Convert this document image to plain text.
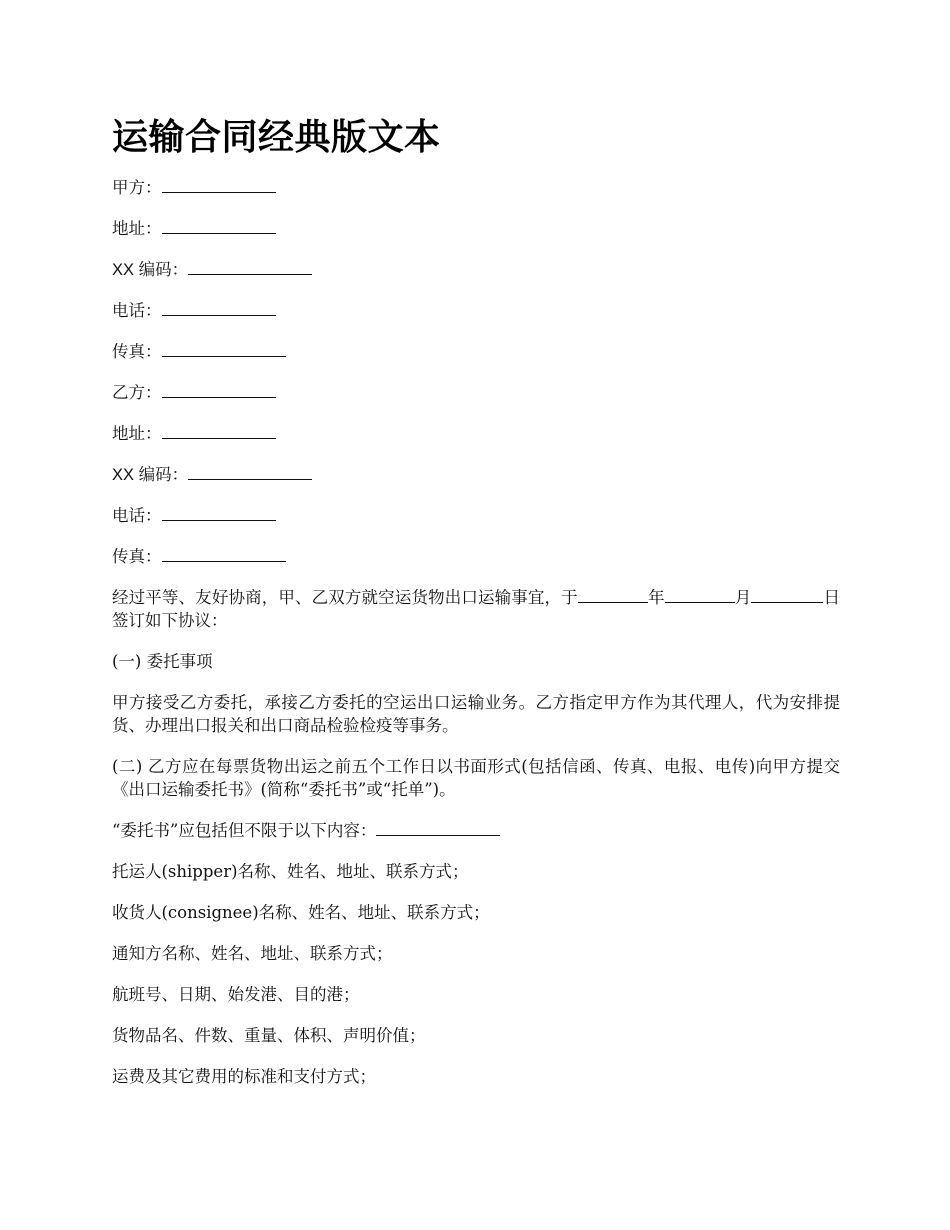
运输合同经典版文本

甲方：

地址：

XX 编码：

电话：

传真：

乙方：

地址：

XX 编码：

电话：

传真：

经过平等、友好协商，甲、乙双方就空运货物出口运输事宜，于	年	月	日签订如下协议：

(一) 委托事项

甲方接受乙方委托，承接乙方委托的空运出口运输业务。乙方指定甲方作为其代理人，代为安排提货、办理出口报关和出口商品检验检疫等事务。

(二) 乙方应在每票货物出运之前五个工作日以书面形式(包括信函、传真、电报、电传)向甲方提交《出口运输委托书》(简称“委托书”或“托单”)。

“委托书”应包括但不限于以下内容：

托运人(shipper)名称、姓名、地址、联系方式；

收货人(consignee)名称、姓名、地址、联系方式；

通知方名称、姓名、地址、联系方式；

航班号、日期、始发港、目的港；

货物品名、件数、重量、体积、声明价值；

运费及其它费用的标准和支付方式；
